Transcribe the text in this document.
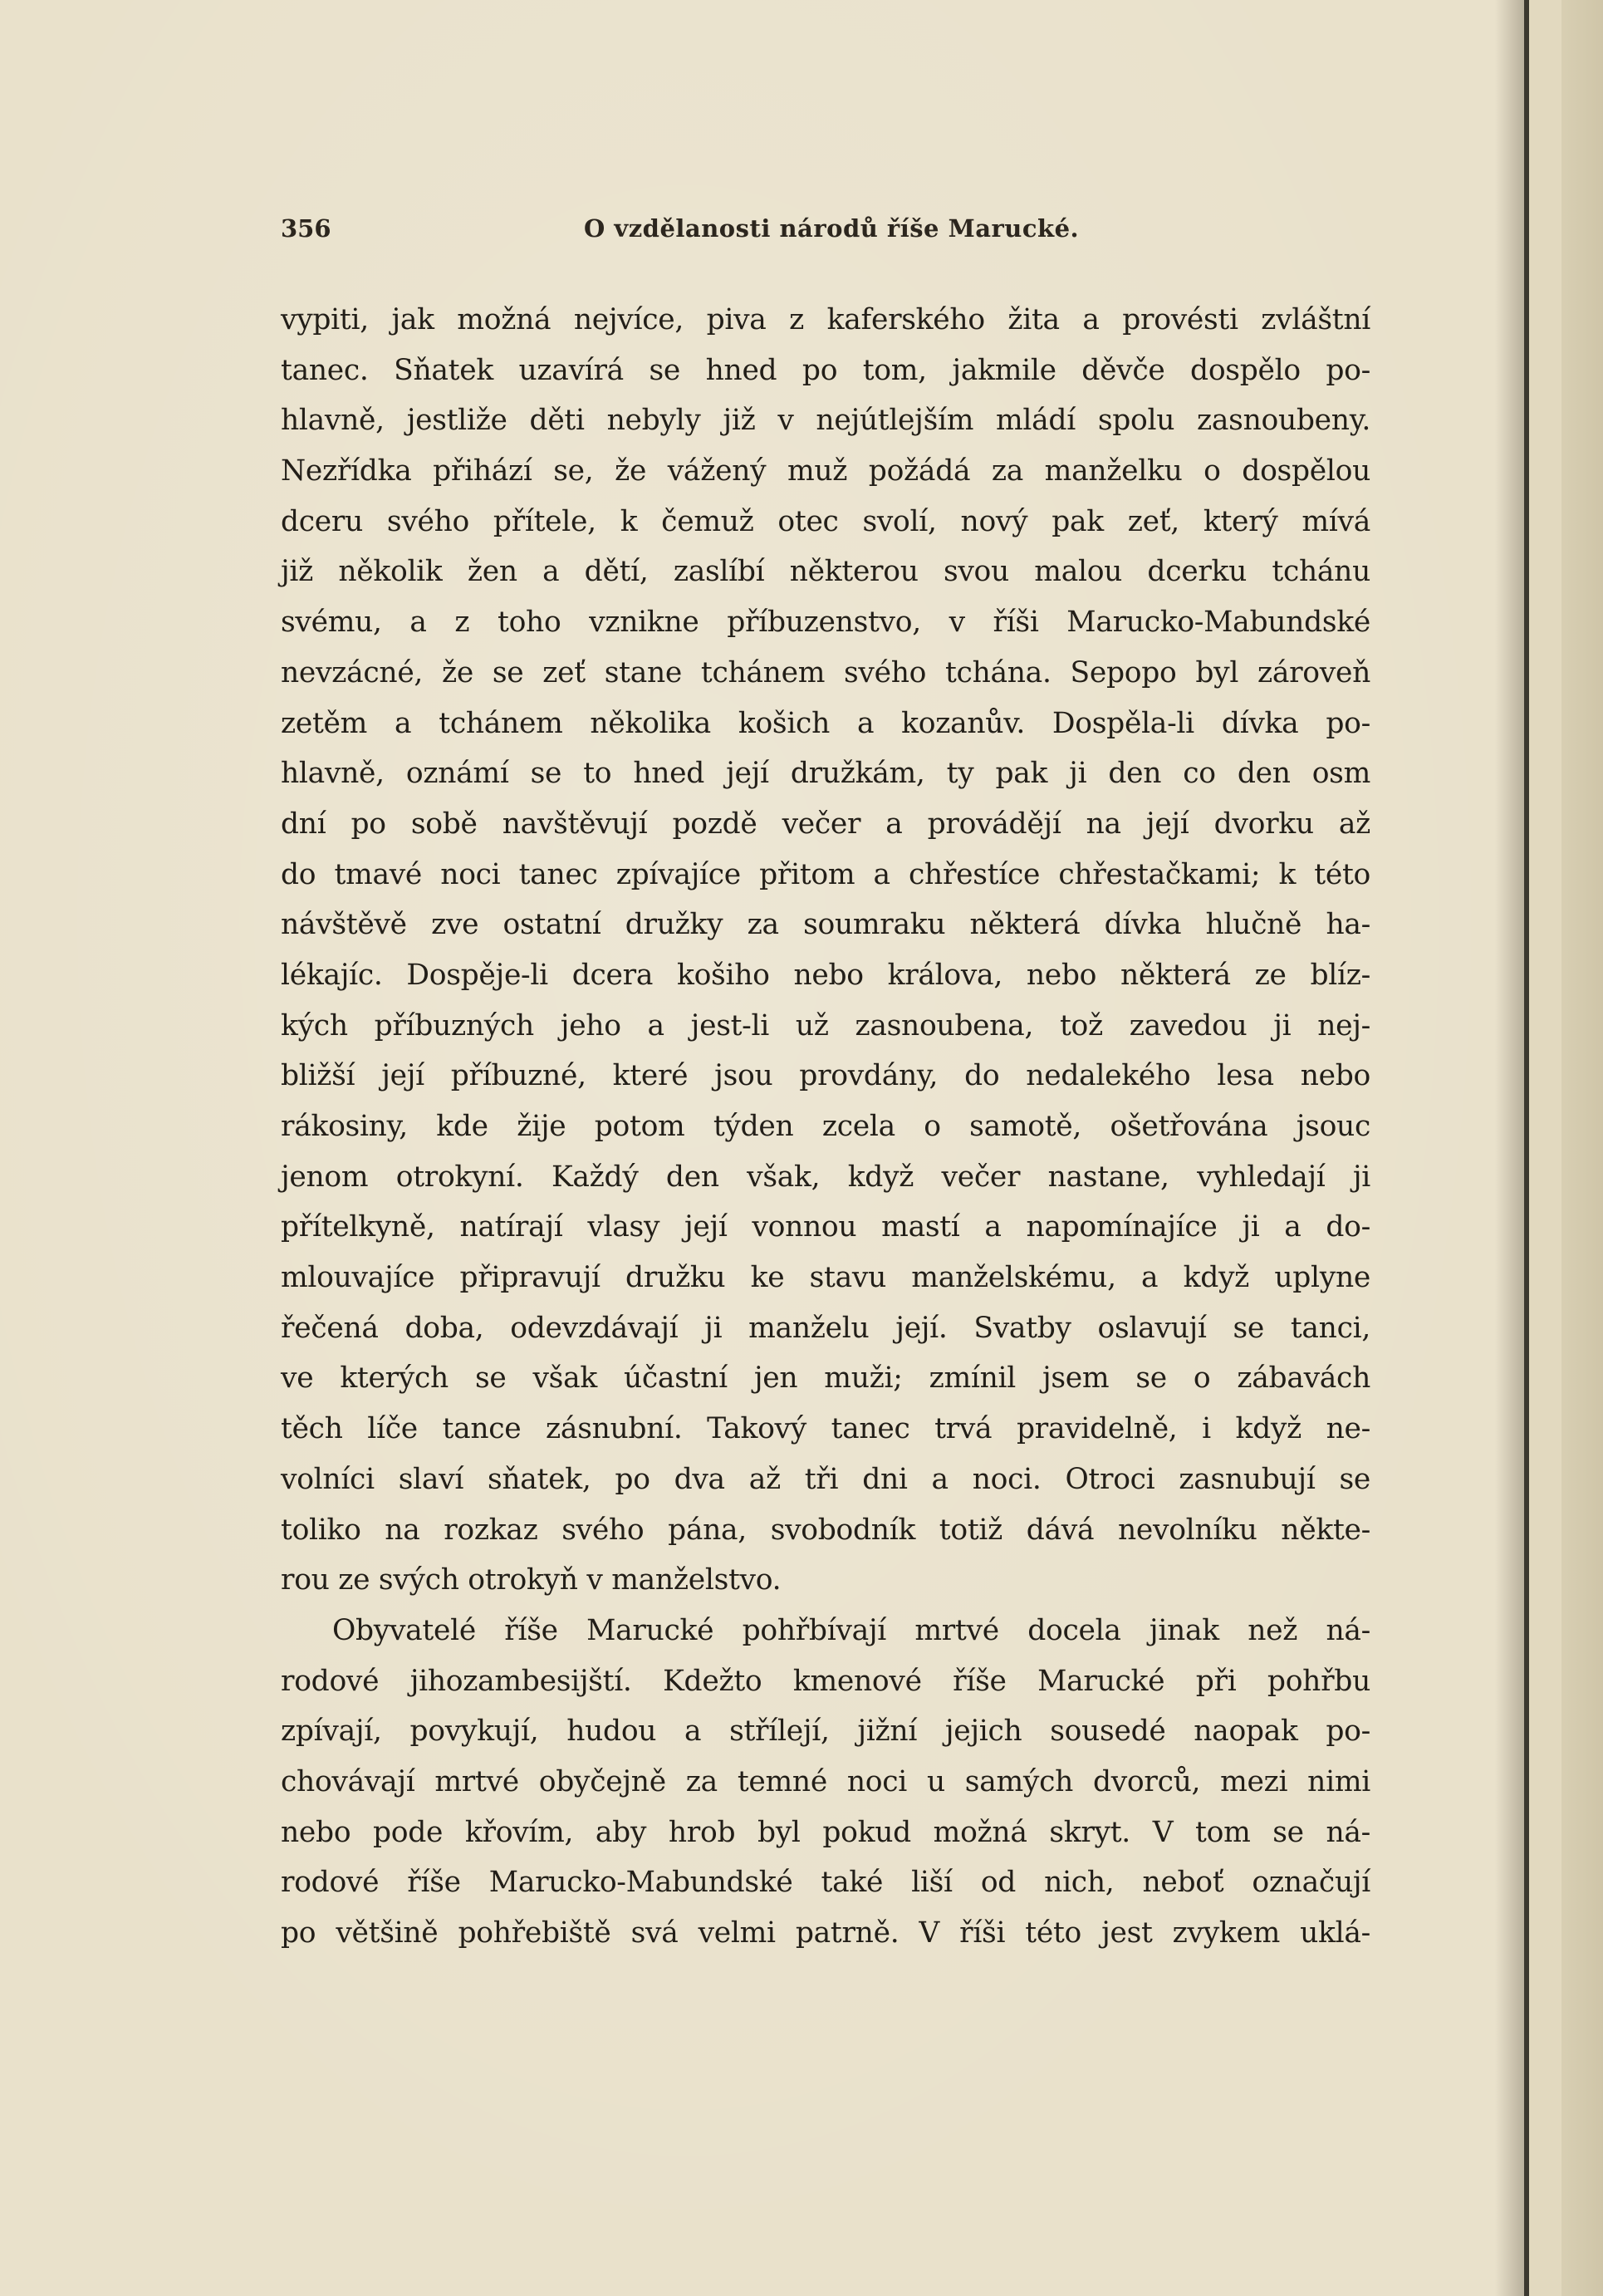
356	O vzdělanosti národů říše Marucké.
vypiti, jak možná nejvíce, piva z kaferského žita a provésti zvláštní
tanec. Sňatek uzavírá se hned po tom, jakmile děvče dospělo po-
hlavně, jestliže děti nebyly již v nejútlejším mládí spolu zasnoubeny.
Nezřídka přihází se, že vážený muž požádá za manželku o dospělou
dceru svého přítele, k čemuž otec svolí, nový pak zeť, který mívá
již několik žen a dětí, zaslíbí některou svou malou dcerku tchánu
svému, a z toho vznikne příbuzenstvo, v říši Marucko-Mabundské
nevzácné, že se zeť stane tchánem svého tchána. Sepopo byl zároveň
zetěm a tchánem několika košich a kozanův. Dospěla-li dívka po-
hlavně, oznámí se to hned její družkám, ty pak ji den co den osm
dní po sobě navštěvují pozdě večer a provádějí na její dvorku až
do tmavé noci tanec zpívajíce přitom a chřestíce chřestačkami; k této
návštěvě zve ostatní družky za soumraku některá dívka hlučně ha-
lékajíc. Dospěje-li dcera košiho nebo králova, nebo některá ze blíz-
kých příbuzných jeho a jest-li už zasnoubena, tož zavedou ji nej-
bližší její příbuzné, které jsou provdány, do nedalekého lesa nebo
rákosiny, kde žije potom týden zcela o samotě, ošetřována jsouc
jenom otrokyní. Každý den však, když večer nastane, vyhledají ji
přítelkyně, natírají vlasy její vonnou mastí a napomínajíce ji a do-
mlouvajíce připravují družku ke stavu manželskému, a když uplyne
řečená doba, odevzdávají ji manželu její. Svatby oslavují se tanci,
ve kterých se však účastní jen muži; zmínil jsem se o zábavách
těch líče tance zásnubní. Takový tanec trvá pravidelně, i když ne-
volníci slaví sňatek, po dva až tři dni a noci. Otroci zasnubují se
toliko na rozkaz svého pána, svobodník totiž dává nevolníku někte-
rou ze svých otrokyň v manželstvo.
Obyvatelé říše Marucké pohřbívají mrtvé docela jinak než ná-
rodové jihozambesijští. Kdežto kmenové říše Marucké při pohřbu
zpívají, povykují, hudou a střílejí, jižní jejich sousedé naopak po-
chovávají mrtvé obyčejně za temné noci u samých dvorců, mezi nimi
nebo pode křovím, aby hrob byl pokud možná skryt. V tom se ná-
rodové říše Marucko-Mabundské také liší od nich, neboť označují
po většině pohřebiště svá velmi patrně. V říši této jest zvykem uklá-
